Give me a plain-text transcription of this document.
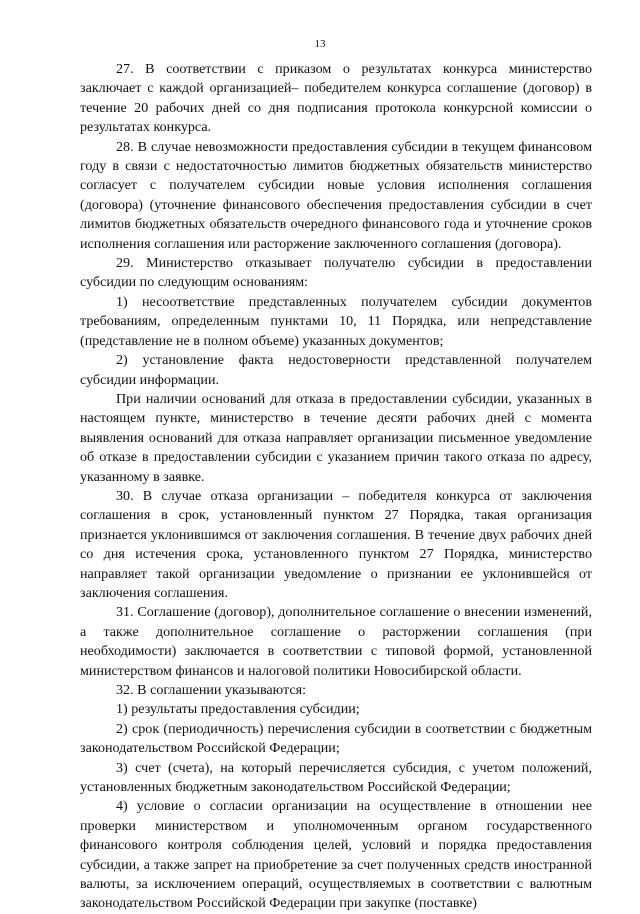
13

27. В соответствии с приказом о результатах конкурса министерство заключает с каждой организацией– победителем конкурса соглашение (договор) в течение 20 рабочих дней со дня подписания протокола конкурсной комиссии о результатах конкурса.

28. В случае невозможности предоставления субсидии в текущем финансовом году в связи с недостаточностью лимитов бюджетных обязательств министерство согласует с получателем субсидии новые условия исполнения соглашения (договора) (уточнение финансового обеспечения предоставления субсидии в счет лимитов бюджетных обязательств очередного финансового года и уточнение сроков исполнения соглашения или расторжение заключенного соглашения (договора).

29. Министерство отказывает получателю субсидии в предоставлении субсидии по следующим основаниям:

1) несоответствие представленных получателем субсидии документов требованиям, определенным пунктами 10, 11 Порядка, или непредставление (представление не в полном объеме) указанных документов;

2) установление факта недостоверности представленной получателем субсидии информации.

При наличии оснований для отказа в предоставлении субсидии, указанных в настоящем пункте, министерство в течение десяти рабочих дней с момента выявления оснований для отказа направляет организации письменное уведомление об отказе в предоставлении субсидии с указанием причин такого отказа по адресу, указанному в заявке.

30. В случае отказа организации – победителя конкурса от заключения соглашения в срок, установленный пунктом 27 Порядка, такая организация признается уклонившимся от заключения соглашения. В течение двух рабочих дней со дня истечения срока, установленного пунктом 27 Порядка, министерство направляет такой организации уведомление о признании ее уклонившейся от заключения соглашения.

31. Соглашение (договор), дополнительное соглашение о внесении изменений, а также дополнительное соглашение о расторжении соглашения (при необходимости) заключается в соответствии с типовой формой, установленной министерством финансов и налоговой политики Новосибирской области.

32. В соглашении указываются:

1) результаты предоставления субсидии;

2) срок (периодичность) перечисления субсидии в соответствии с бюджетным законодательством Российской Федерации;

3) счет (счета), на который перечисляется субсидия, с учетом положений, установленных бюджетным законодательством Российской Федерации;

4) условие о согласии организации на осуществление в отношении нее проверки министерством и уполномоченным органом государственного финансового контроля соблюдения целей, условий и порядка предоставления субсидии, а также запрет на приобретение за счет полученных средств иностранной валюты, за исключением операций, осуществляемых в соответствии с валютным законодательством Российской Федерации при закупке (поставке)
